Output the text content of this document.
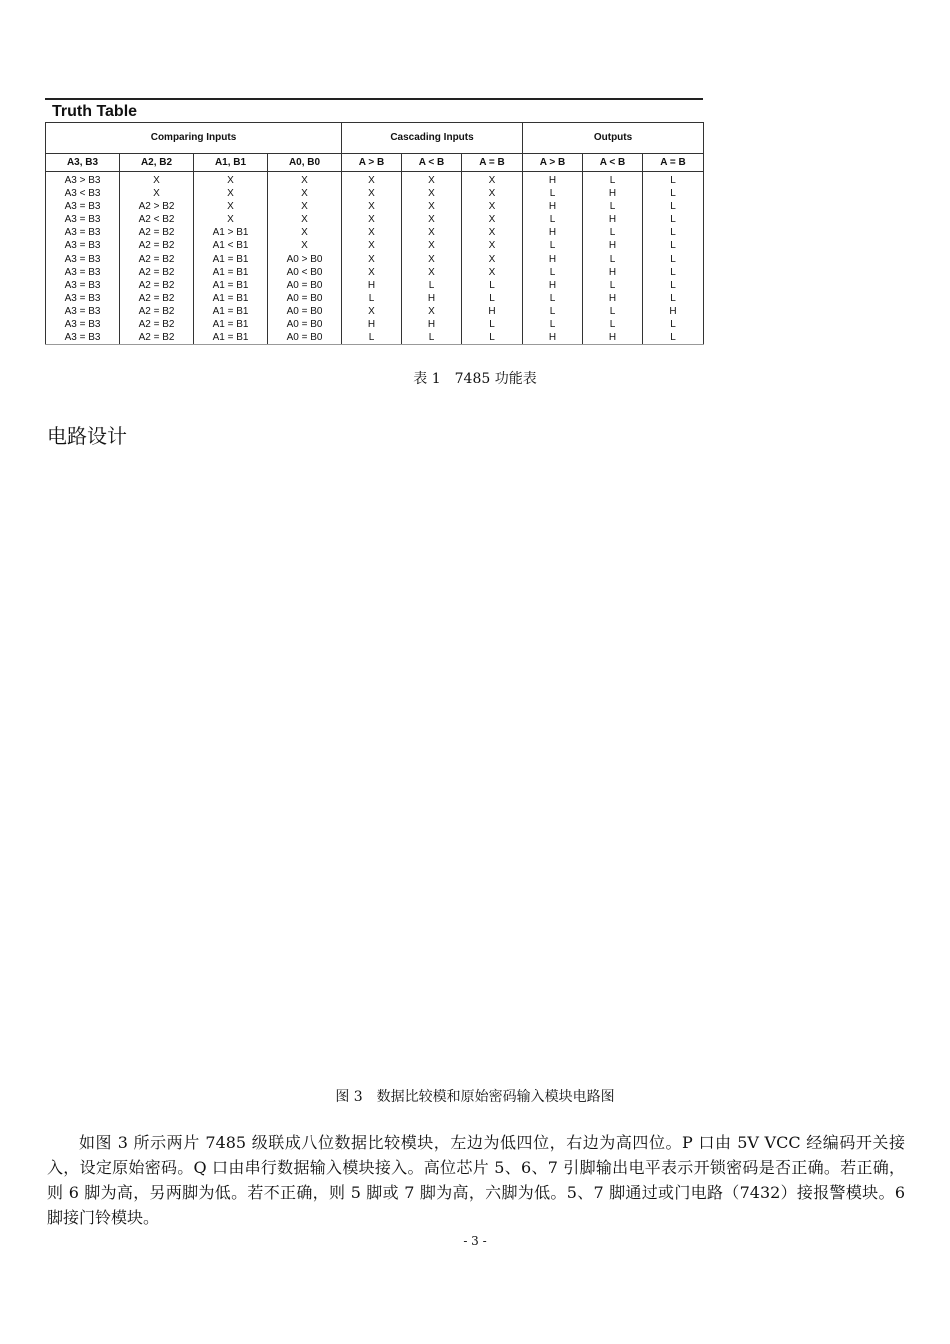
Truth Table
Comparing Inputs				Cascading Inputs			Outputs		
A3, B3	A2, B2	A1, B1	A0, B0	A > B	A < B	A = B	A > B	A < B	A = B
A3 > B3	X	X	X	X	X	X	H	L	L
A3 < B3	X	X	X	X	X	X	L	H	L
A3 = B3	A2 > B2	X	X	X	X	X	H	L	L
A3 = B3	A2 < B2	X	X	X	X	X	L	H	L
A3 = B3	A2 = B2	A1 > B1	X	X	X	X	H	L	L
A3 = B3	A2 = B2	A1 < B1	X	X	X	X	L	H	L
A3 = B3	A2 = B2	A1 = B1	A0 > B0	X	X	X	H	L	L
A3 = B3	A2 = B2	A1 = B1	A0 < B0	X	X	X	L	H	L
A3 = B3	A2 = B2	A1 = B1	A0 = B0	H	L	L	H	L	L
A3 = B3	A2 = B2	A1 = B1	A0 = B0	L	H	L	L	H	L
A3 = B3	A2 = B2	A1 = B1	A0 = B0	X	X	H	L	L	H
A3 = B3	A2 = B2	A1 = B1	A0 = B0	H	H	L	L	L	L
A3 = B3	A2 = B2	A1 = B1	A0 = B0	L	L	L	H	H	L
表 1　7485 功能表
电路设计
图 3　数据比较模和原始密码输入模块电路图
如图 3 所示两片 7485 级联成八位数据比较模块，左边为低四位，右边为高四位。P 口由 5V VCC 经编码开关接入，设定原始密码。Q 口由串行数据输入模块接入。高位芯片 5、6、7 引脚输出电平表示开锁密码是否正确。若正确，则 6 脚为高，另两脚为低。若不正确，则 5 脚或 7 脚为高，六脚为低。5、7 脚通过或门电路（7432）接报警模块。6 脚接门铃模块。
- 3 -
